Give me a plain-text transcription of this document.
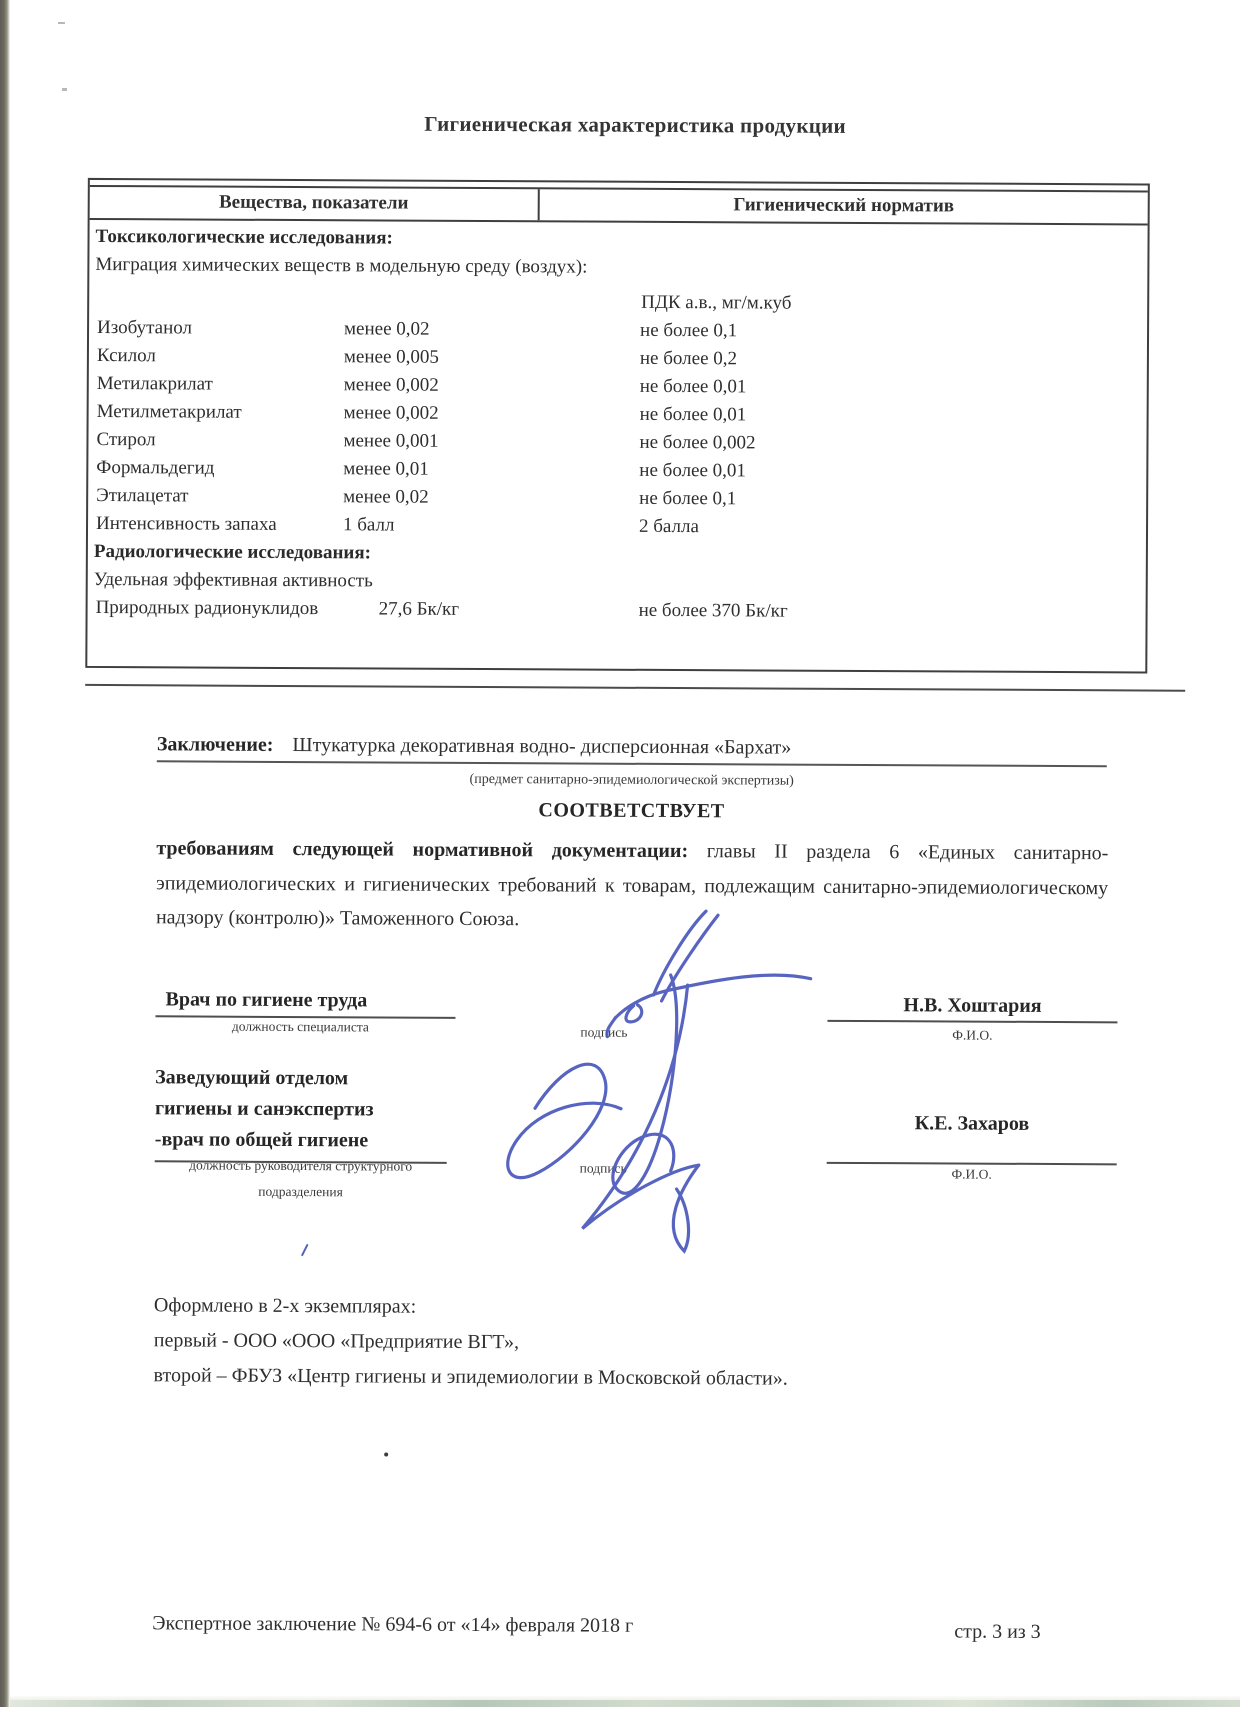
Гигиеническая характеристика продукции
Вещества, показатели	Гигиенический норматив
Токсикологические исследования:
Миграция химических веществ в модельную среду (воздух):
ПДК а.в., мг/м.куб
Изобутанол	менее 0,02	не более 0,1
Ксилол	менее 0,005	не более 0,2
Метилакрилат	менее 0,002	не более 0,01
Метилметакрилат	менее 0,002	не более 0,01
Стирол	менее 0,001	не более 0,002
Формальдегид	менее 0,01	не более 0,01
Этилацетат	менее 0,02	не более 0,1
Интенсивность запаха	1 балл	2 балла
Радиологические исследования:
Удельная эффективная активность
Природных радионуклидов	27,6 Бк/кг	не более 370 Бк/кг
Заключение: Штукатурка декоративная водно- дисперсионная «Бархат»
(предмет санитарно-эпидемиологической экспертизы)
СООТВЕТСТВУЕТ
требованиям следующей нормативной документации: главы II раздела 6 «Единых санитарно-эпидемиологических и гигиенических требований к товарам, подлежащим санитарно-эпидемиологическому надзору (контролю)» Таможенного Союза.
Врач по гигиене труда
должность специалиста	подпись
Н.В. Хоштария
Ф.И.О.
Заведующий отделом
гигиены и санэкспертиз
-врач по общей гигиене
должность руководителя структурного
подразделения
подпись
К.Е. Захаров
Ф.И.О.
Оформлено в 2-х экземплярах:
первый - ООО «ООО «Предприятие ВГТ»,
второй – ФБУЗ «Центр гигиены и эпидемиологии в Московской области».
Экспертное заключение № 694-6 от «14» февраля 2018 г	стр. 3 из 3
